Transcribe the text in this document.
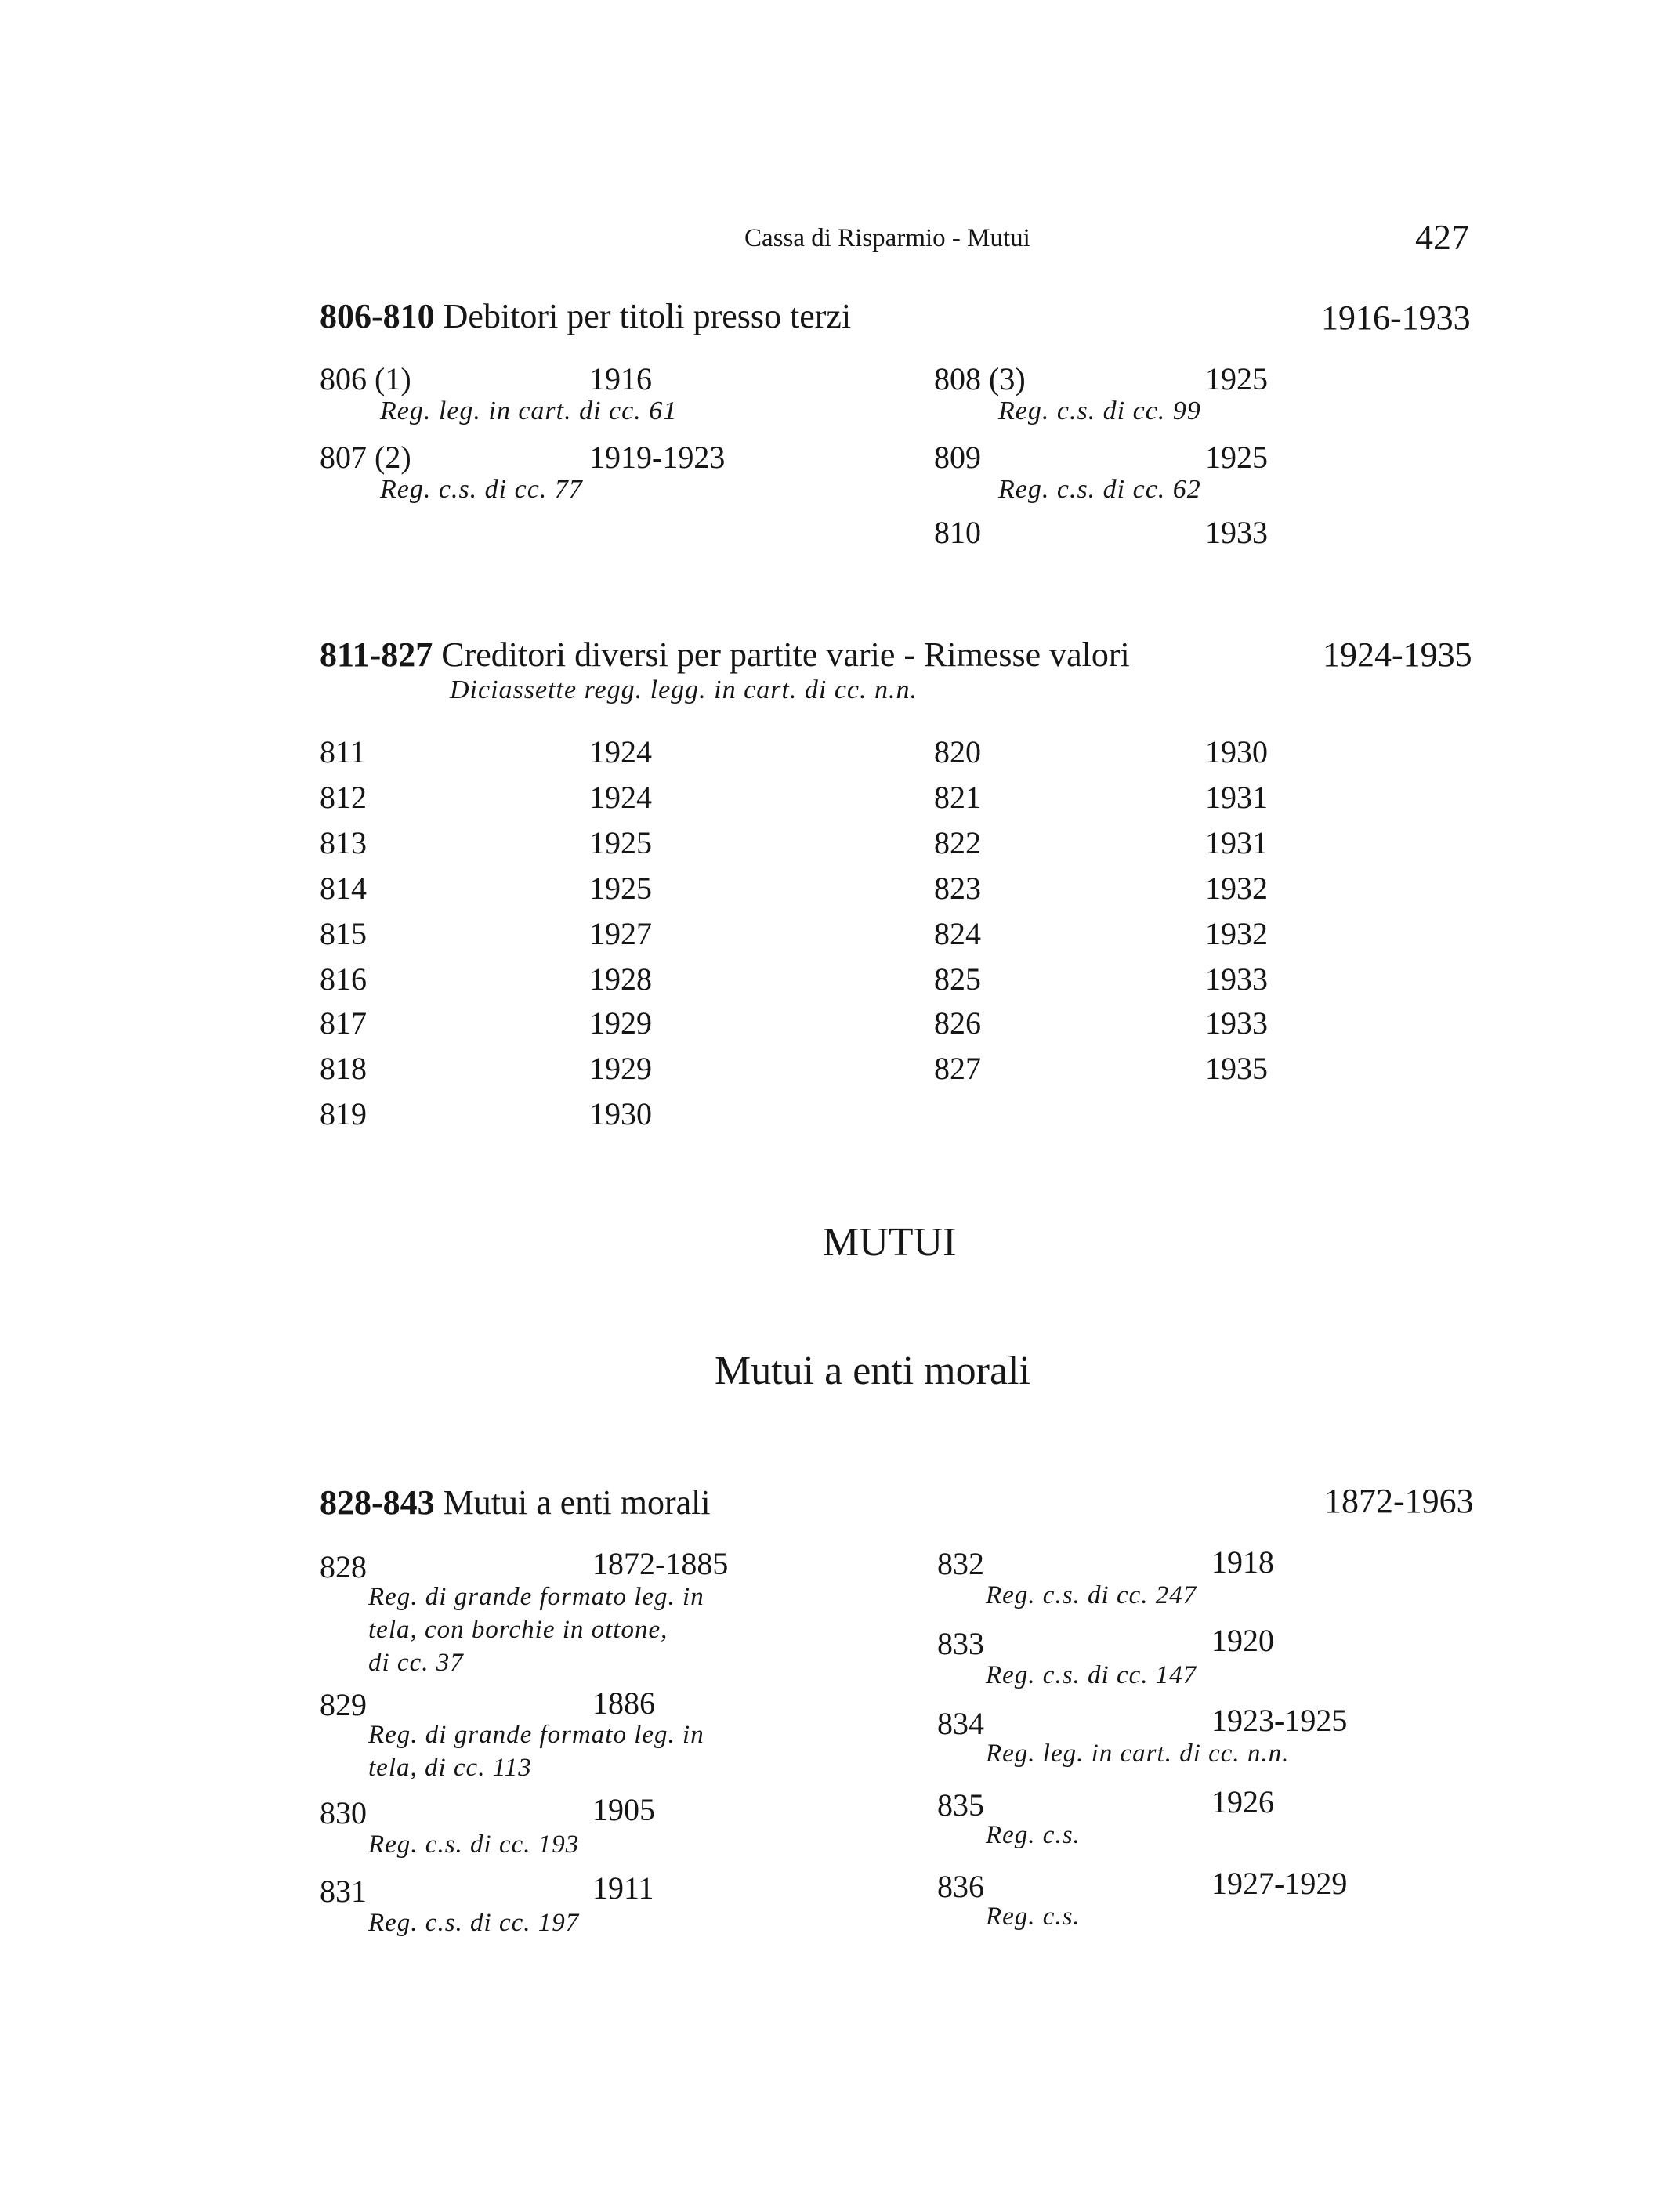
Cassa di Risparmio - Mutui	427
806-810 Debitori per titoli presso terzi	1916-1933
806 (1)	1916
Reg. leg. in cart. di cc. 61
807 (2)	1919-1923
Reg. c.s. di cc. 77
808 (3)	1925
Reg. c.s. di cc. 99
809	1925
Reg. c.s. di cc. 62
810	1933
811-827 Creditori diversi per partite varie - Rimesse valori	1924-1935
Diciassette regg. legg. in cart. di cc. n.n.
811	1924
812	1924
813	1925
814	1925
815	1927
816	1928
817	1929
818	1929
819	1930
820	1930
821	1931
822	1931
823	1932
824	1932
825	1933
826	1933
827	1935
MUTUI
Mutui a enti morali
828-843 Mutui a enti morali	1872-1963
828	1872-1885
Reg. di grande formato leg. in
tela, con borchie in ottone,
di cc. 37
829	1886
Reg. di grande formato leg. in
tela, di cc. 113
830	1905
Reg. c.s. di cc. 193
831	1911
Reg. c.s. di cc. 197
832	1918
Reg. c.s. di cc. 247
833	1920
Reg. c.s. di cc. 147
834	1923-1925
Reg. leg. in cart. di cc. n.n.
835	1926
Reg. c.s.
836	1927-1929
Reg. c.s.
